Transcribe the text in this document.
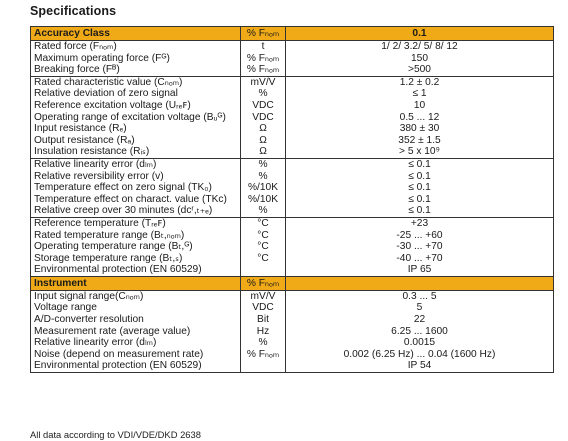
Specifications
Accuracy Class	% Fₙₒₘ	0.1
Rated force (Fₙₒₘ)	t	1/ 2/ 3.2/ 5/ 8/ 12
Maximum operating force (Fᴳ)	% Fₙₒₘ	150
Breaking force (Fᴮ)	% Fₙₒₘ	>500
Rated characteristic value (Cₙₒₘ)	mV/V	1.2 ± 0.2
Relative deviation of zero signal	%	≤ 1
Reference excitation voltage (Uᵣₑꜰ)	VDC	10
Operating range of excitation voltage (Bᵤᴳ)	VDC	0.5 ... 12
Input resistance (Rₑ)	Ω	380 ± 30
Output resistance (Rₐ)	Ω	352 ± 1.5
Insulation resistance (Rᵢₛ)	Ω	> 5 x 10⁹
Relative linearity error (dₗₘ)	%	≤ 0.1
Relative reversibility error (v)	%	≤ 0.1
Temperature effect on zero signal (TK₀)	%/10K	≤ 0.1
Temperature effect on charact. value (TKᴄ)	%/10K	≤ 0.1
Relative creep over 30 minutes (dᴄʳ,ₜ₊ₑ)	%	≤ 0.1
Reference temperature (Tᵣₑꜰ)	°C	+23
Rated temperature range (Bₜ,ₙₒₘ)	°C	-25 ... +60
Operating temperature range (Bₜ,ᴳ)	°C	-30 ... +70
Storage temperature range (Bₜ,ₛ)	°C	-40 ... +70
Environmental protection (EN 60529)		IP 65
Instrument	% Fₙₒₘ	
Input signal range(Cₙₒₘ)	mV/V	0.3 ... 5
Voltage range	VDC	5
A/D-converter resolution	Bit	22
Measurement rate (average value)	Hz	6.25 ... 1600
Relative linearity error (dₗₘ)	%	0.0015
Noise (depend on measurement rate)	% Fₙₒₘ	0.002 (6.25 Hz) ... 0.04 (1600 Hz)
Environmental protection (EN 60529)		IP 54
All data according to VDI/VDE/DKD 2638
